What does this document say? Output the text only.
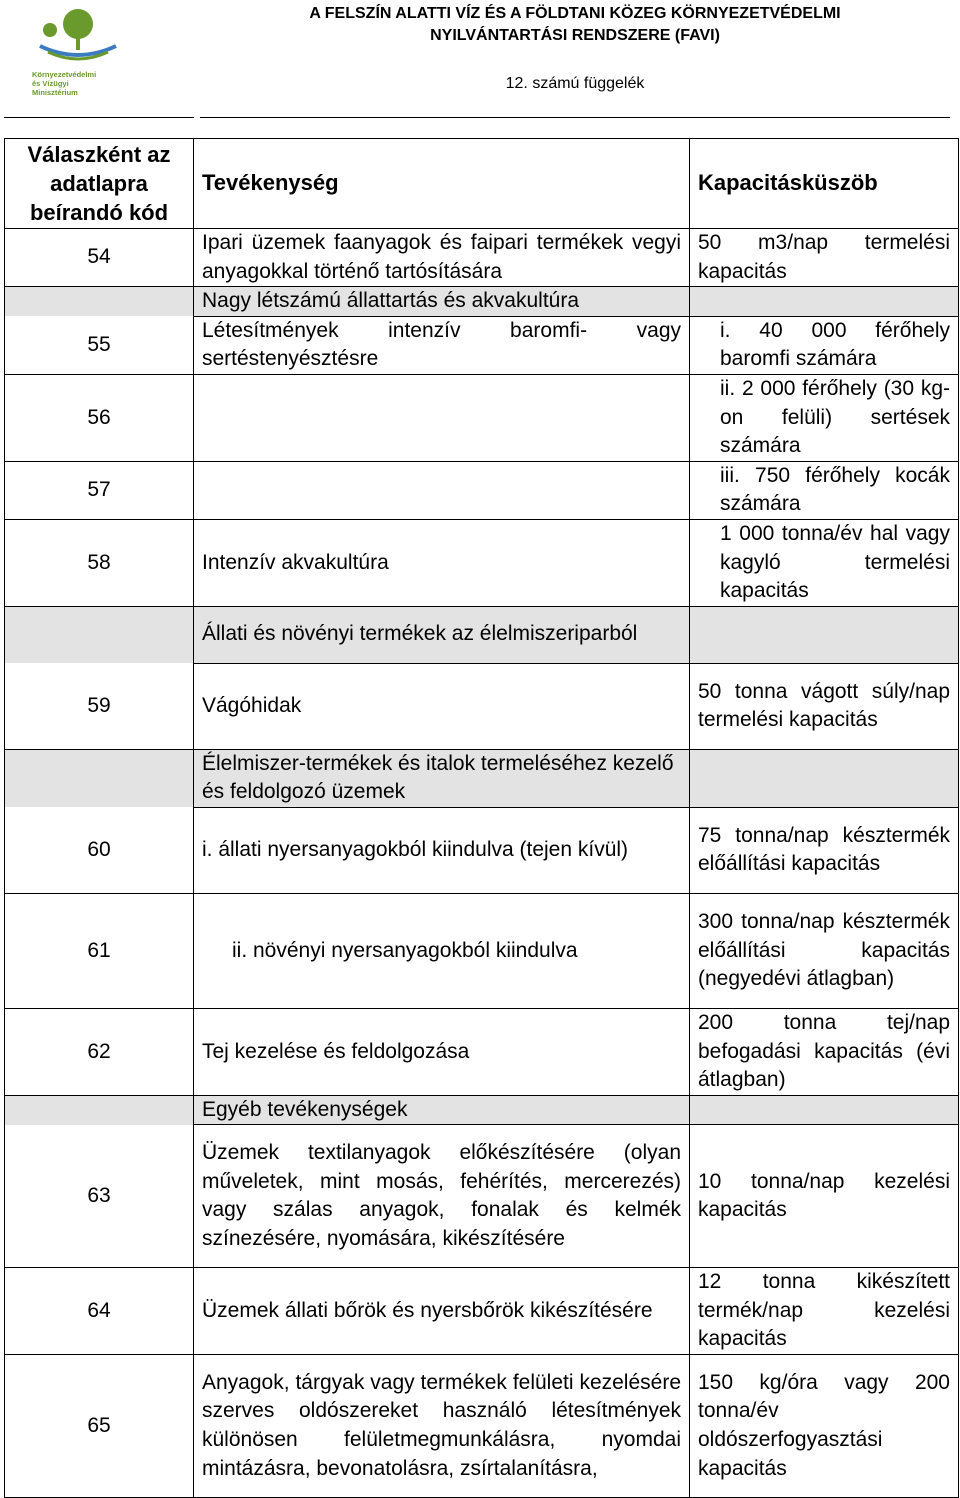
Környezetvédelmi
és Vízügyi
Minisztérium
A FELSZÍN ALATTI VÍZ ÉS A FÖLDTANI KÖZEG KÖRNYEZETVÉDELMI
NYILVÁNTARTÁSI RENDSZERE (FAVI)
12. számú függelék
Válaszként az adatlapra beírandó kód	Tevékenység	Kapacitásküszöb
54	Ipari üzemek faanyagok és faipari termékek vegyi anyagokkal történő tartósítására	50 m3/nap termelési kapacitás
	Nagy létszámú állattartás és akvakultúra	
55	Létesítmények intenzív baromfi- vagy sertéstenyésztésre	i. 40 000 férőhely baromfi számára
56		ii. 2 000 férőhely (30 kg-on felüli) sertések számára
57		iii. 750 férőhely kocák számára
58	Intenzív akvakultúra	1 000 tonna/év hal vagy kagyló termelési kapacitás
	Állati és növényi termékek az élelmiszeriparból	
59	Vágóhidak	50 tonna vágott súly/nap termelési kapacitás
	Élelmiszer-termékek és italok termeléséhez kezelő és feldolgozó üzemek	
60	i. állati nyersanyagokból kiindulva (tejen kívül)	75 tonna/nap késztermék előállítási kapacitás
61	ii. növényi nyersanyagokból kiindulva	300 tonna/nap késztermék előállítási kapacitás (negyedévi átlagban)
62	Tej kezelése és feldolgozása	200 tonna tej/nap befogadási kapacitás (évi átlagban)
	Egyéb tevékenységek	
63	Üzemek textilanyagok előkészítésére (olyan műveletek, mint mosás, fehérítés, mercerezés) vagy szálas anyagok, fonalak és kelmék színezésére, nyomására, kikészítésére	10 tonna/nap kezelési kapacitás
64	Üzemek állati bőrök és nyersbőrök kikészítésére	12 tonna kikészített termék/nap kezelési kapacitás
65	Anyagok, tárgyak vagy termékek felületi kezelésére szerves oldószereket használó létesítmények különösen felületmegmunkálásra, nyomdai mintázásra, bevonatolásra, zsírtalanításra,	150 kg/óra vagy 200 tonna/év oldószerfogyasztási kapacitás
